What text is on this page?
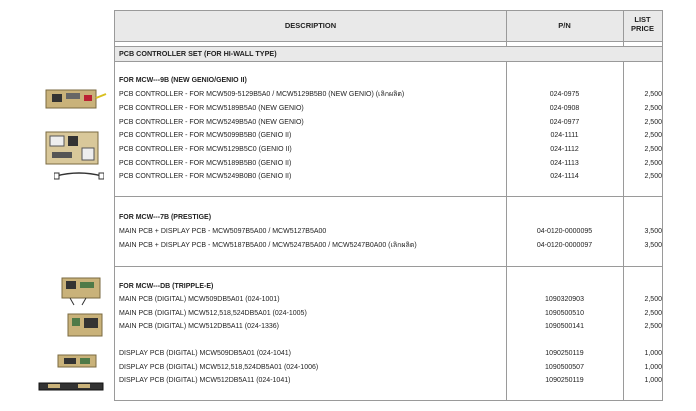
DESCRIPTION	P/N
LIST
PRICE
PCB CONTROLLER SET (FOR HI-WALL TYPE)
FOR MCW---9B (NEW GENIO/GENIO II)
PCB CONTROLLER - FOR MCW509-5129B5A0 / MCW5129B5B0 (NEW GENIO) (เลิกผลิต)	024-0975	2,500
PCB CONTROLLER - FOR MCW5189B5A0 (NEW GENIO)	024-0908	2,500
PCB CONTROLLER - FOR MCW5249B5A0 (NEW GENIO)	024-0977	2,500
PCB CONTROLLER - FOR MCW5099B5B0 (GENIO II)	024-1111	2,500
PCB CONTROLLER - FOR MCW5129B5C0 (GENIO II)	024-1112	2,500
PCB CONTROLLER - FOR MCW5189B5B0 (GENIO II)	024-1113	2,500
PCB CONTROLLER - FOR MCW5249B0B0 (GENIO II)	024-1114	2,500
FOR MCW---7B (PRESTIGE)
MAIN PCB + DISPLAY PCB - MCW5097B5A00 / MCW5127B5A00	04-0120-0000095	3,500
MAIN PCB + DISPLAY PCB - MCW5187B5A00 / MCW5247B5A00 / MCW5247B0A00 (เลิกผลิต)	04-0120-0000097	3,500
FOR MCW---DB (TRIPPLE-E)
MAIN PCB (DIGITAL) MCW509DB5A01 (024-1001)	1090320903	2,500
MAIN PCB (DIGITAL) MCW512,518,524DB5A01 (024-1005)	1090500510	2,500
MAIN PCB (DIGITAL) MCW512DB5A11 (024-1336)	1090500141	2,500
DISPLAY PCB (DIGITAL) MCW509DB5A01 (024-1041)	1090250119	1,000
DISPLAY PCB (DIGITAL) MCW512,518,524DB5A01 (024-1006)	1090500507	1,000
DISPLAY PCB (DIGITAL) MCW512DB5A11 (024-1041)	1090250119	1,000
